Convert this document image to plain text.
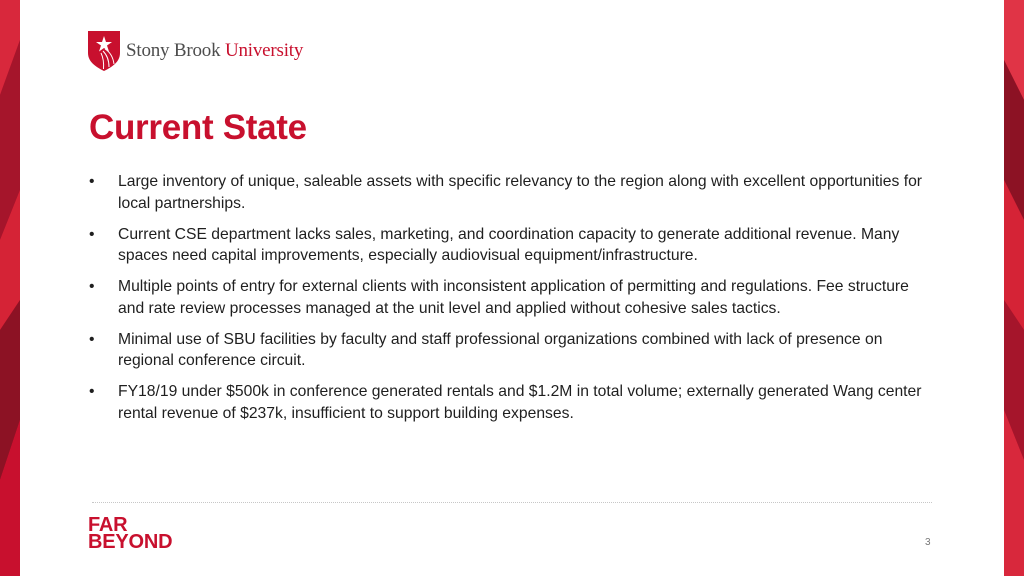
Stony Brook University
Current State
• Large inventory of unique, saleable assets with specific relevancy to the region along with excellent opportunities for local partnerships.
• Current CSE department lacks sales, marketing, and coordination capacity to generate additional revenue. Many spaces need capital improvements, especially audiovisual equipment/infrastructure.
• Multiple points of entry for external clients with inconsistent application of permitting and regulations. Fee structure and rate review processes managed at the unit level and applied without cohesive sales tactics.
• Minimal use of SBU facilities by faculty and staff professional organizations combined with lack of presence on regional conference circuit.
• FY18/19 under $500k in conference generated rentals and $1.2M in total volume; externally generated Wang center rental revenue of $237k, insufficient to support building expenses.
FAR
BEYOND	3
